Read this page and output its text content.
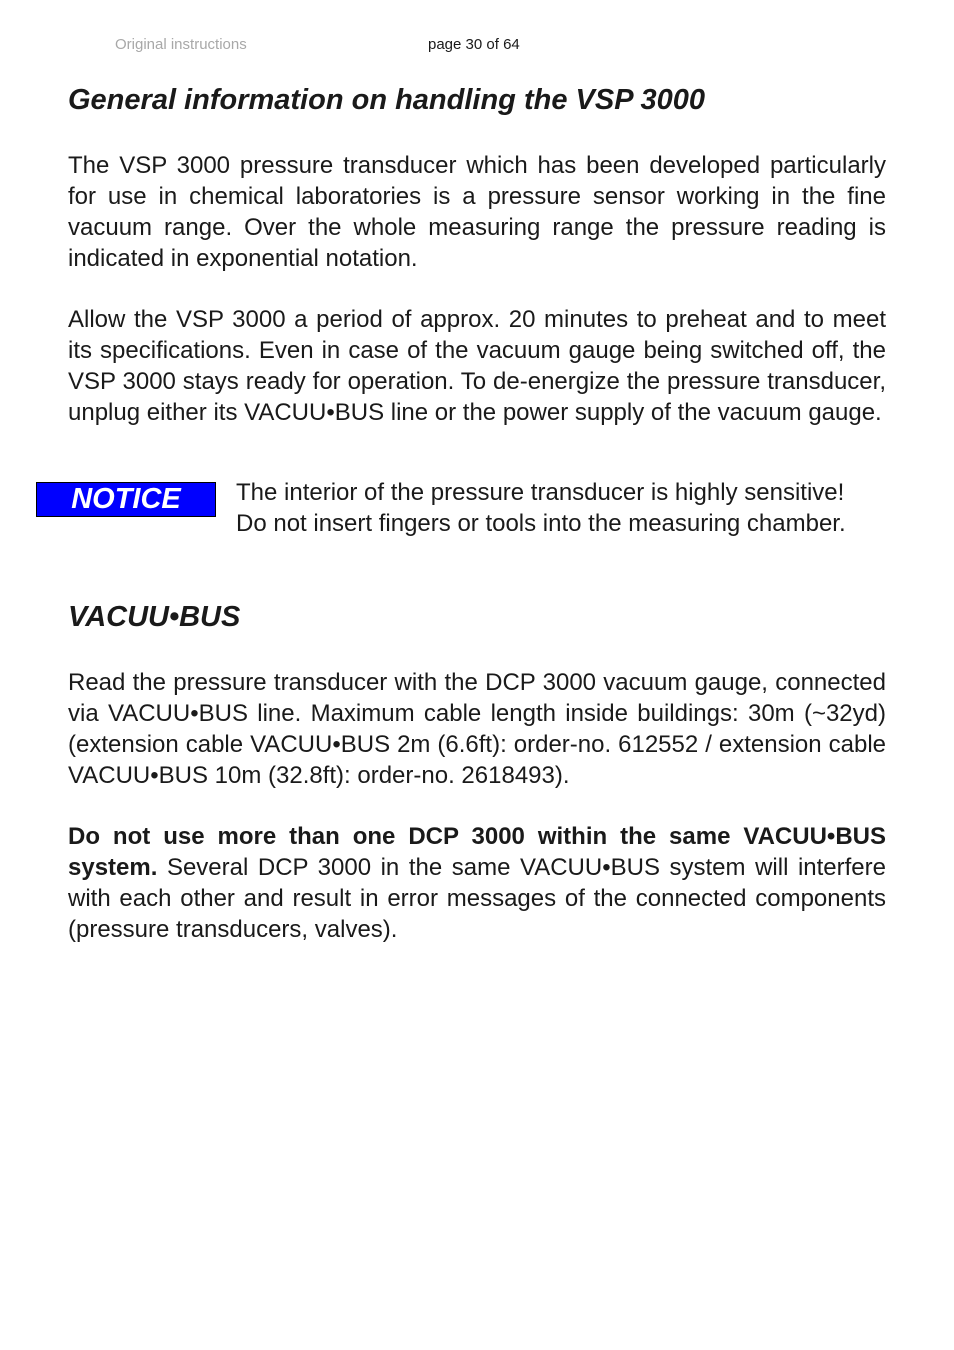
Original instructions	page 30 of 64
General information on handling the VSP 3000

The VSP 3000 pressure transducer which has been developed particularly for use in chemical laboratories is a pressure sensor working in the fine vacuum range. Over the whole measuring range the pressure reading is indicated in exponential notation.

Allow the VSP 3000 a period of approx. 20 minutes to preheat and to meet its specifications. Even in case of the vacuum gauge being switched off, the VSP 3000 stays ready for operation. To de-energize the pressure transducer, unplug either its VACUU•BUS line or the power supply of the vacuum gauge.

NOTICE	The interior of the pressure transducer is highly sensitive!
Do not insert fingers or tools into the measuring chamber.

VACUU•BUS

Read the pressure transducer with the DCP 3000 vacuum gauge, connected via VACUU•BUS line. Maximum cable length inside buildings: 30m (~32yd) (extension cable VACUU•BUS 2m (6.6ft): order-no. 612552 / extension cable VACUU•BUS 10m (32.8ft): order-no. 2618493).

Do not use more than one DCP 3000 within the same VACUU•BUS system. Several DCP 3000 in the same VACUU•BUS system will interfere with each other and result in error messages of the connected components (pressure transducers, valves).
